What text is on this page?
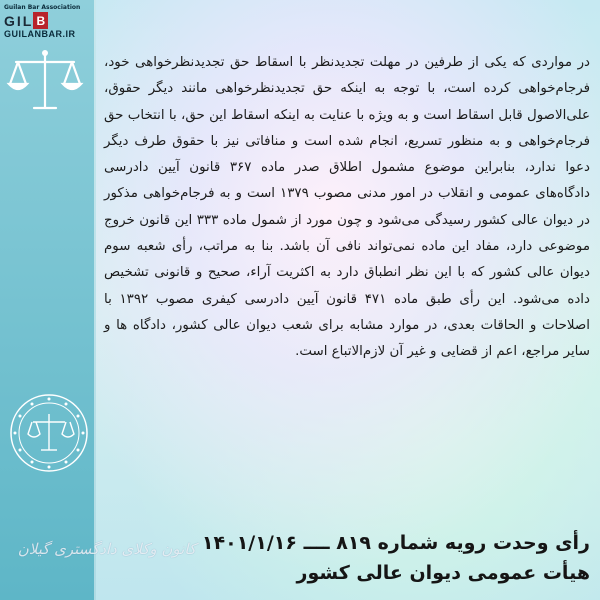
Guilan Bar Association
G I L B
GUILANBAR.IR
کانون وکلای دادگستری گیلان
در مواردی که یکی از طرفین در مهلت تجدیدنظر با اسقاط حق تجدیدنظرخواهی خود، فرجام‌خواهی کرده است، با توجه به اینکه حق تجدیدنظرخواهی مانند دیگر حقوق، علی‌الاصول قابل اسقاط است و به ویژه با عنایت به اینکه اسقاط این حق، با انتخاب حق فرجام‌خواهی و به منظور تسریع، انجام شده است و منافاتی نیز با حقوق طرف دیگر دعوا ندارد، بنابراین موضوع مشمول اطلاق صدر ماده ۳۶۷ قانون آیین دادرسی دادگاه‌های عمومی و انقلاب در امور مدنی مصوب ۱۳۷۹ است و به فرجام‌خواهی مذکور در دیوان عالی کشور رسیدگی می‌شود و چون مورد از شمول ماده ۳۳۳ این قانون خروج موضوعی دارد، مفاد این ماده نمی‌تواند نافی آن باشد. بنا به مراتب، رأی شعبه سوم دیوان عالی کشور که با این نظر انطباق دارد به اکثریت آراء، صحیح و قانونی تشخیص داده می‌شود. این رأی طبق ماده ۴۷۱ قانون آیین دادرسی کیفری مصوب ۱۳۹۲ با اصلاحات و الحاقات بعدی، در موارد مشابه برای شعب دیوان عالی کشور، دادگاه ها و سایر مراجع، اعم از قضایی و غیر آن لازم‌الاتباع است.
رأی وحدت رویه شماره ۸۱۹ ــــ ۱۴۰۱/۱/۱۶
هیأت عمومی دیوان عالی کشور
